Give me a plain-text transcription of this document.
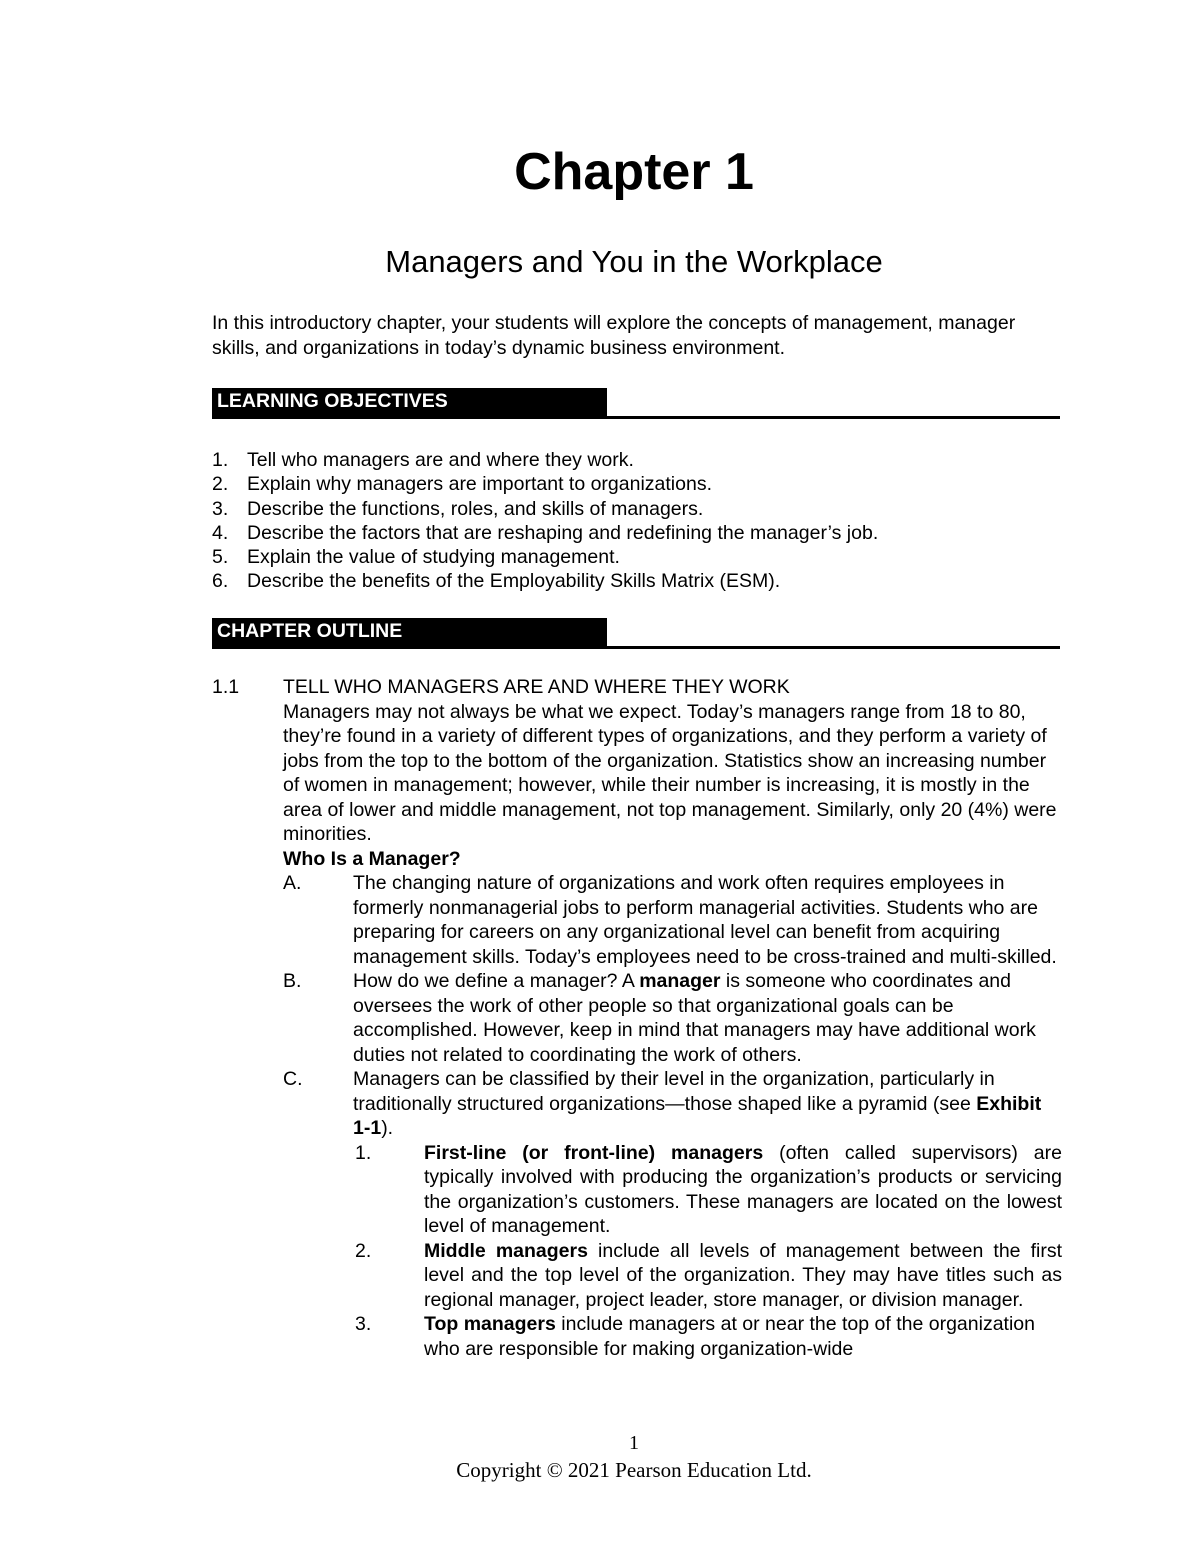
Chapter 1
Managers and You in the Workplace
In this introductory chapter, your students will explore the concepts of management, manager skills, and organizations in today’s dynamic business environment.
LEARNING OBJECTIVES
1. Tell who managers are and where they work.
2. Explain why managers are important to organizations.
3. Describe the functions, roles, and skills of managers.
4. Describe the factors that are reshaping and redefining the manager’s job.
5. Explain the value of studying management.
6. Describe the benefits of the Employability Skills Matrix (ESM).
CHAPTER OUTLINE
1.1 TELL WHO MANAGERS ARE AND WHERE THEY WORK
Managers may not always be what we expect. Today’s managers range from 18 to 80, they’re found in a variety of different types of organizations, and they perform a variety of jobs from the top to the bottom of the organization. Statistics show an increasing number of women in management; however, while their number is increasing, it is mostly in the area of lower and middle management, not top management. Similarly, only 20 (4%) were minorities.
Who Is a Manager?
A.	The changing nature of organizations and work often requires employees in formerly nonmanagerial jobs to perform managerial activities. Students who are preparing for careers on any organizational level can benefit from acquiring management skills. Today’s employees need to be cross-trained and multi-skilled.
B.	How do we define a manager? A manager is someone who coordinates and oversees the work of other people so that organizational goals can be accomplished. However, keep in mind that managers may have additional work duties not related to coordinating the work of others.
C.	Managers can be classified by their level in the organization, particularly in traditionally structured organizations—those shaped like a pyramid (see Exhibit 1-1).
1.	First-line (or front-line) managers (often called supervisors) are typically involved with producing the organization’s products or servicing the organization’s customers. These managers are located on the lowest level of management.
2.	Middle managers include all levels of management between the first level and the top level of the organization. They may have titles such as regional manager, project leader, store manager, or division manager.
3.	Top managers include managers at or near the top of the organization who are responsible for making organization-wide
1
Copyright © 2021 Pearson Education Ltd.
